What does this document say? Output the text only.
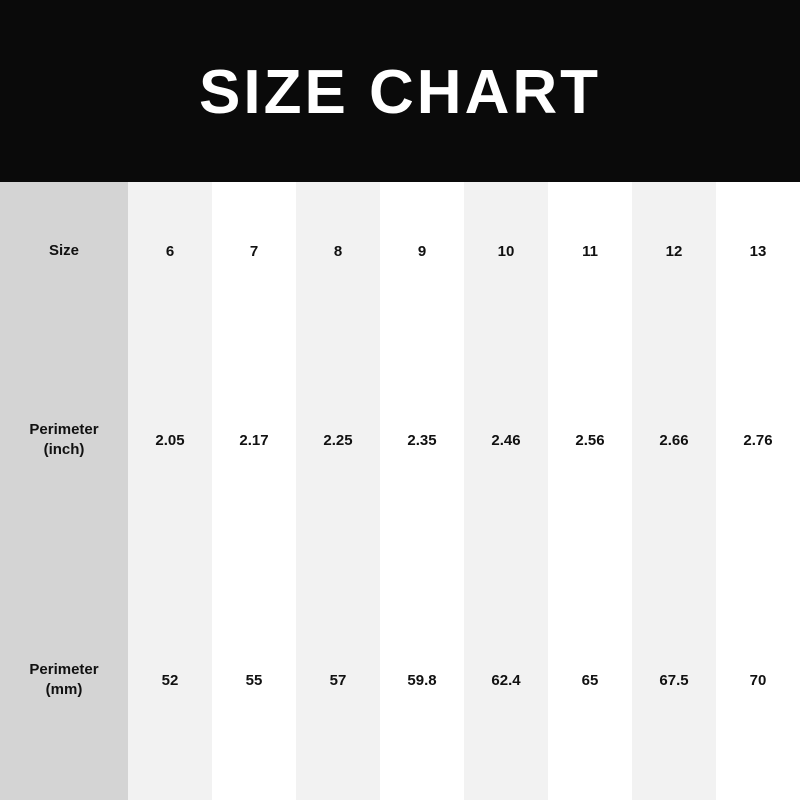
SIZE CHART
Size	6	7	8	9	10	11	12	13

Perimeter
(inch)	2.05	2.17	2.25	2.35	2.46	2.56	2.66	2.76

Perimeter
(mm)	52	55	57	59.8	62.4	65	67.5	70
